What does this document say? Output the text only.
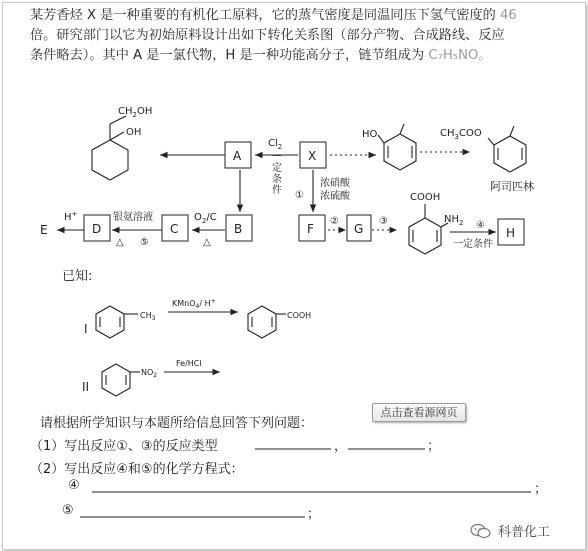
某芳香烃 X 是一种重要的有机化工原料，它的蒸气密度是同温同压下氢气密度的 46
倍。研究部门以它为初始原料设计出如下转化关系图（部分产物、合成路线、反应
条件略去）。其中 A 是一氯代物，H 是一种功能高分子，链节组成为 C₇H₅NO。
A	X
B
C
D	F	G	H
E
$CH_2OH$
OH
$Cl_2$
一
定
条
件
HO	$CH_3COO$
阿司匹林
浓硝酸
① 浓硫酸
②	③
COOH
$NH_2$ ④
一定条件
$O_2/C$
△
银氨溶液
△ ⑤
H+
I
$CH_3$
KMnO$_4$/ H+
COOH
II
$NO_2$
Fe/HCl
已知:
请根据所学知识与本题所给信息回答下列问题：
（1）写出反应①、③的反应类型	，	；
（2）写出反应④和⑤的化学方程式：
④	；
⑤	；
点击查看源网页
科普化工
